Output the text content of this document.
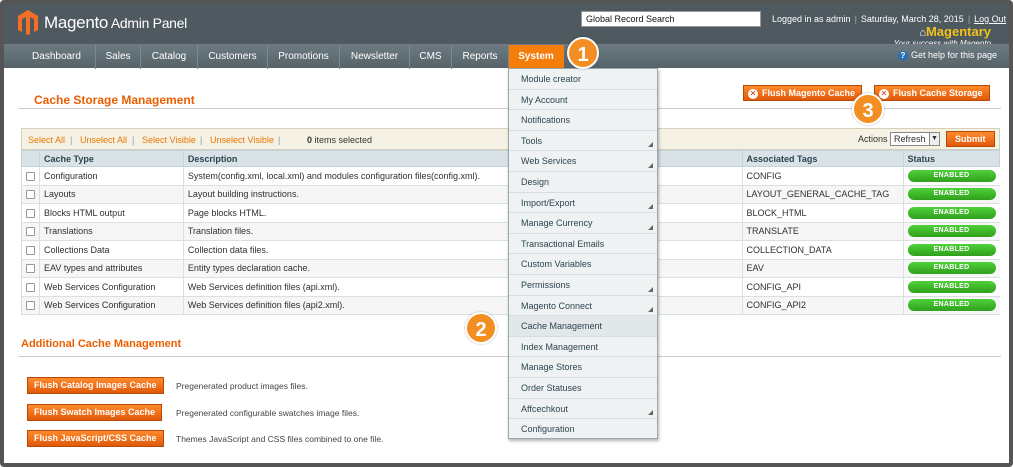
Magento Admin Panel	Global Record Search	Logged in as admin | Saturday, March 28, 2015 | Log Out
⌂Magentary
Dashboard	Sales	Catalog	Customers	Promotions	Newsletter	CMS	Reports	System	? Get help for this page
Cache Storage Management	✕ Flush Magento Cache	✕ Flush Cache Storage
Select All | Unselect All | Select Visible | Unselect Visible |	0 items selected	Actions Refresh ▼	Submit
	Cache Type	Description	Associated Tags	Status
	Configuration	System(config.xml, local.xml) and modules configuration files(config.xml).	CONFIG	ENABLED

	Layouts	Layout building instructions.	LAYOUT_GENERAL_CACHE_TAG	ENABLED

	Blocks HTML output	Page blocks HTML.	BLOCK_HTML	ENABLED

	Translations	Translation files.	TRANSLATE	ENABLED

	Collections Data	Collection data files.	COLLECTION_DATA	ENABLED

	EAV types and attributes	Entity types declaration cache.	EAV	ENABLED

	Web Services Configuration	Web Services definition files (api.xml).	CONFIG_API	ENABLED

	Web Services Configuration	Web Services definition files (api2.xml).	CONFIG_API2	ENABLED
Additional Cache Management
Flush Catalog Images Cache	Pregenerated product images files.
Flush Swatch Images Cache	Pregenerated configurable swatches image files.
Flush JavaScript/CSS Cache	Themes JavaScript and CSS files combined to one file.
Module creator
My Account
Notifications
Tools
Web Services
Design
Import/Export
Manage Currency
Transactional Emails
Custom Variables
Permissions
Magento Connect
Cache Management
Index Management
Manage Stores
Order Statuses
Affcechkout
Configuration
1
2
3
